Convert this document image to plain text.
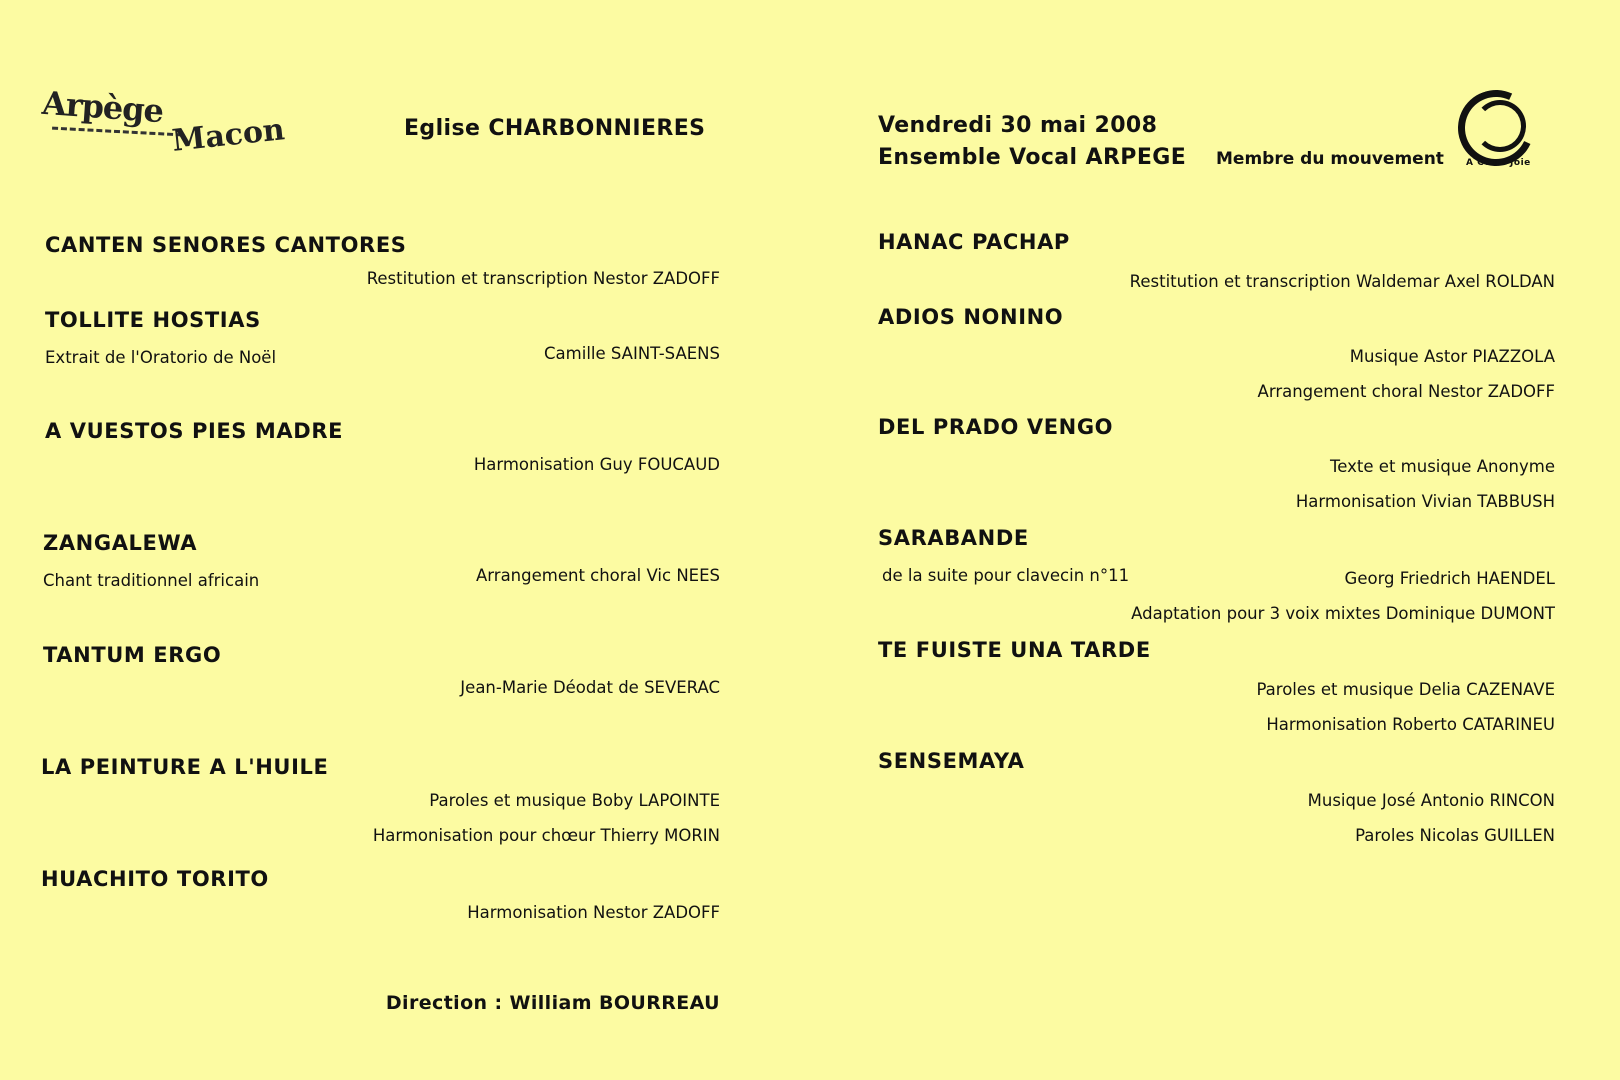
Arpège
Macon	Eglise CHARBONNIERES	Vendredi 30 mai 2008
Ensemble Vocal ARPEGE Membre du mouvement A Cœur Joie
CANTEN SENORES CANTORES
Restitution et transcription Nestor ZADOFF
TOLLITE HOSTIAS
Extrait de l'Oratorio de Noël	Camille SAINT-SAENS
A VUESTOS PIES MADRE
Harmonisation Guy FOUCAUD
ZANGALEWA
Chant traditionnel africain	Arrangement choral Vic NEES
TANTUM ERGO
Jean-Marie Déodat de SEVERAC
LA PEINTURE A L'HUILE
Paroles et musique Boby LAPOINTE
Harmonisation pour chœur Thierry MORIN
HUACHITO TORITO
Harmonisation Nestor ZADOFF
Direction : William BOURREAU
HANAC PACHAP
Restitution et transcription Waldemar Axel ROLDAN
ADIOS NONINO
Musique Astor PIAZZOLA
Arrangement choral Nestor ZADOFF
DEL PRADO VENGO
Texte et musique Anonyme
Harmonisation Vivian TABBUSH
SARABANDE
de la suite pour clavecin n°11	Georg Friedrich HAENDEL
Adaptation pour 3 voix mixtes Dominique DUMONT
TE FUISTE UNA TARDE
Paroles et musique Delia CAZENAVE
Harmonisation Roberto CATARINEU
SENSEMAYA
Musique José Antonio RINCON
Paroles Nicolas GUILLEN
